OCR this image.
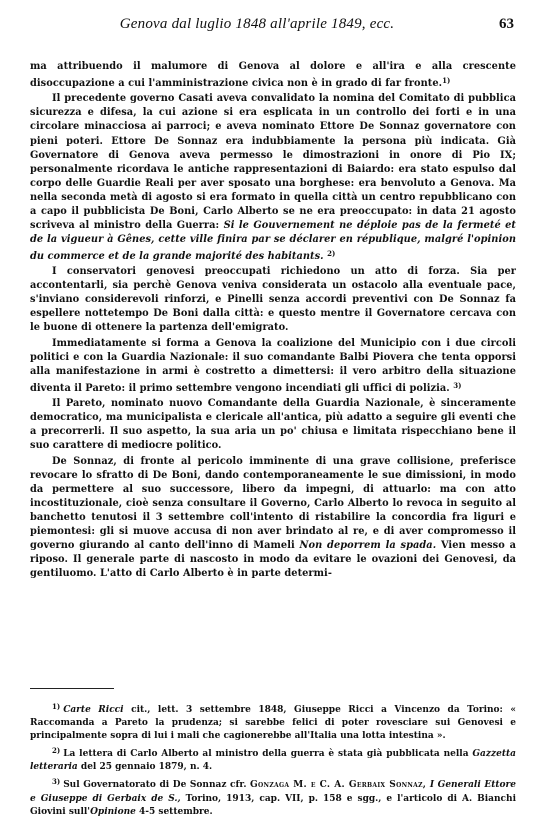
Genova dal luglio 1848 all'aprile 1849, ecc.	63

ma attribuendo il malumore di Genova al dolore e all'ira e alla crescente disoccupazione a cui l'amministrazione civica non è in grado di far fronte.$^{1)}$

Il precedente governo Casati aveva convalidato la nomina del Comitato di pubblica sicurezza e difesa, la cui azione si era esplicata in un controllo dei forti e in una circolare minacciosa ai parroci; e aveva nominato Ettore De Sonnaz governatore con pieni poteri. Ettore De Sonnaz era indubbiamente la persona più indicata. Già Governatore di Genova aveva permesso le dimostrazioni in onore di Pio IX; personalmente ricordava le antiche rappresentazioni di Baiardo: era stato espulso dal corpo delle Guardie Reali per aver sposato una borghese: era benvoluto a Genova. Ma nella seconda metà di agosto si era formato in quella città un centro repubblicano con a capo il pubblicista De Boni, Carlo Alberto se ne era preoccupato: in data 21 agosto scriveva al ministro della Guerra: Si le Gouvernement ne déploie pas de la fermeté et de la vigueur à Gênes, cette ville finira par se déclarer en république, malgré l'opinion du commerce et de la grande majorité des habitants. $^{2)}$

I conservatori genovesi preoccupati richiedono un atto di forza. Sia per accontentarli, sia perchè Genova veniva considerata un ostacolo alla eventuale pace, s'inviano considerevoli rinforzi, e Pinelli senza accordi preventivi con De Sonnaz fa espellere nottetempo De Boni dalla città: e questo mentre il Governatore cercava con le buone di ottenere la partenza dell'emigrato.

Immediatamente si forma a Genova la coalizione del Municipio con i due circoli politici e con la Guardia Nazionale: il suo comandante Balbi Piovera che tenta opporsi alla manifestazione in armi è costretto a dimettersi: il vero arbitro della situazione diventa il Pareto: il primo settembre vengono incendiati gli uffici di polizia. $^{3)}$

Il Pareto, nominato nuovo Comandante della Guardia Nazionale, è sinceramente democratico, ma municipalista e clericale all'antica, più adatto a seguire gli eventi che a precorrerli. Il suo aspetto, la sua aria un po' chiusa e limitata rispecchiano bene il suo carattere di mediocre politico.

De Sonnaz, di fronte al pericolo imminente di una grave collisione, preferisce revocare lo sfratto di De Boni, dando contemporaneamente le sue dimissioni, in modo da permettere al suo successore, libero da impegni, di attuarlo: ma con atto incostituzionale, cioè senza consultare il Governo, Carlo Alberto lo revoca in seguito al banchetto tenutosi il 3 settembre coll'intento di ristabilire la concordia fra liguri e piemontesi: gli si muove accusa di non aver brindato al re, e di aver compromesso il governo giurando al canto dell'inno di Mameli Non deporrem la spada. Vien messo a riposo. Il generale parte di nascosto in modo da evitare le ovazioni dei Genovesi, da gentiluomo. L'atto di Carlo Alberto è in parte determi-

$^{1)}$ Carte Ricci cit., lett. 3 settembre 1848, Giuseppe Ricci a Vincenzo da Torino: « Raccomanda a Pareto la prudenza; si sarebbe felici di poter rovesciare sui Genovesi e principalmente sopra di lui i mali che cagionerebbe all'Italia una lotta intestina ».

$^{2)}$ La lettera di Carlo Alberto al ministro della guerra è stata già pubblicata nella Gazzetta letteraria del 25 gennaio 1879, n. 4.

$^{3)}$ Sul Governatorato di De Sonnaz cfr. Gonzaga M. e C. A. Gerbaix Sonnaz, I Generali Ettore e Giuseppe di Gerbaix de S., Torino, 1913, cap. VII, p. 158 e sgg., e l'articolo di A. Bianchi Giovini sull'Opinione 4-5 settembre.
